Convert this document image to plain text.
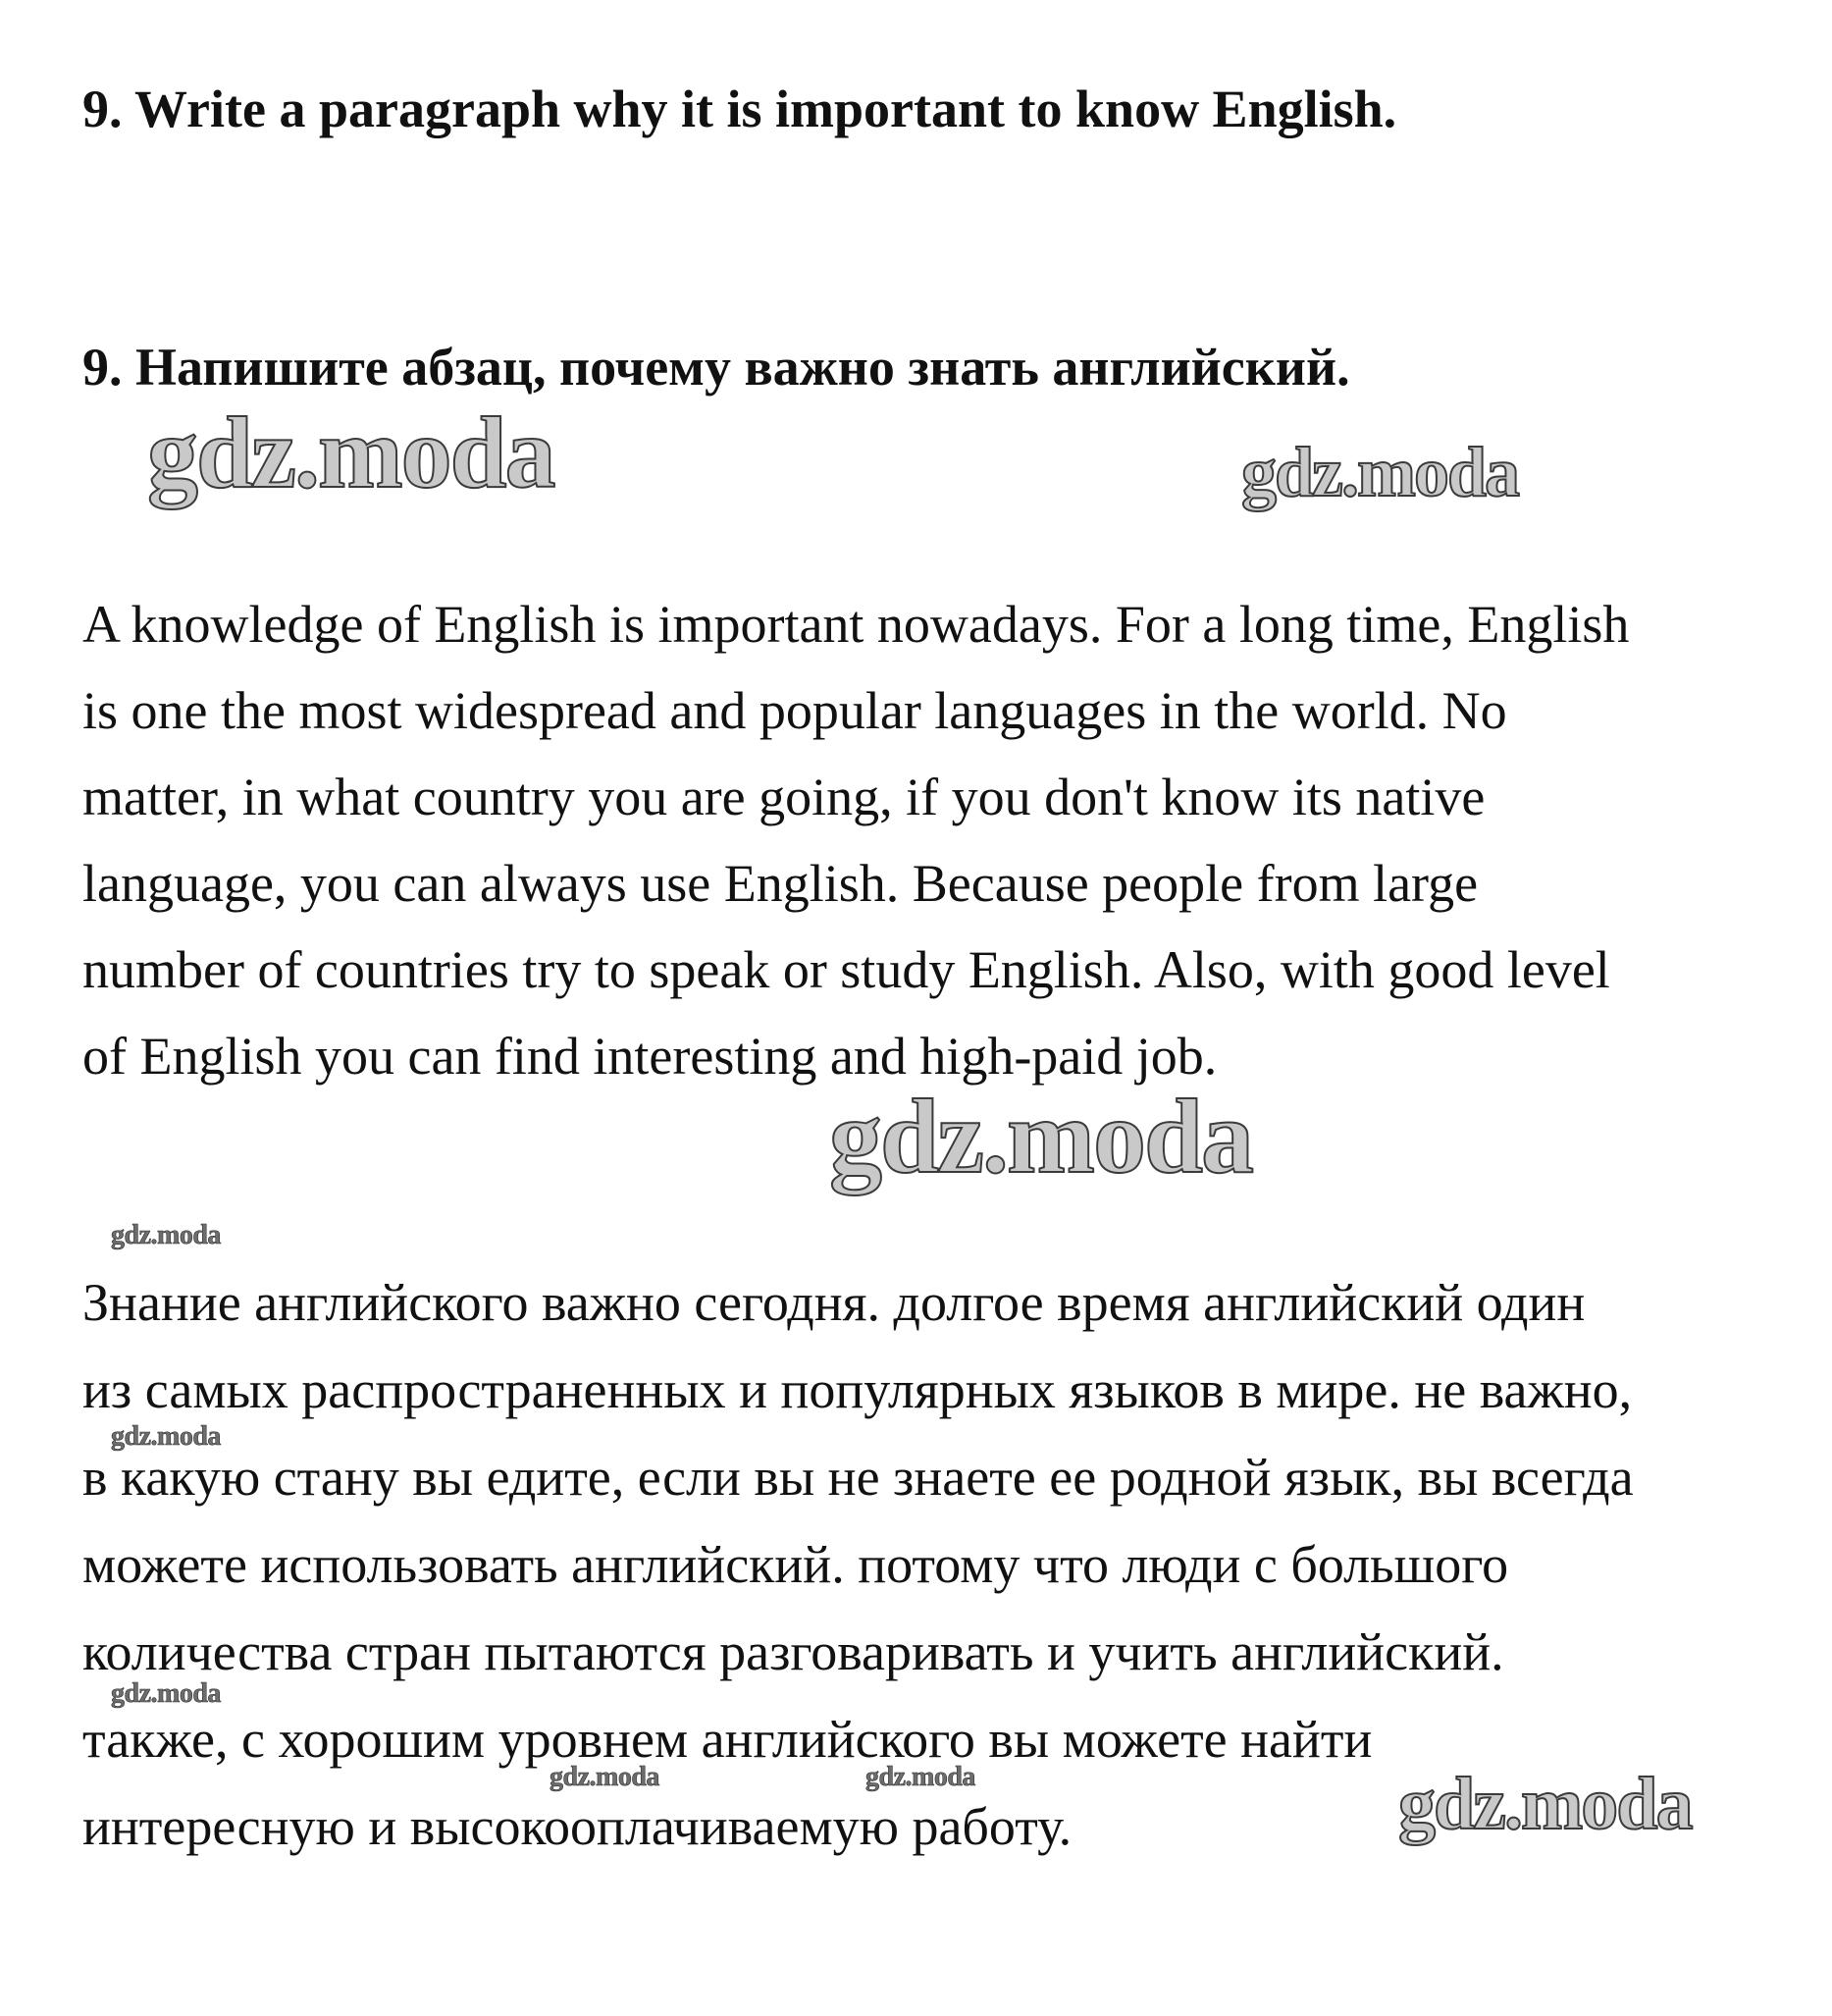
9. Write a paragraph why it is important to know English.
9. Напишите абзац, почему важно знать английский.
A knowledge of English is important nowadays. For a long time, English
is one the most widespread and popular languages in the world. No
matter, in what country you are going, if you don't know its native
language, you can always use English. Because people from large
number of countries try to speak or study English. Also, with good level
of English you can find interesting and high-paid job.
Знание английского важно сегодня. долгое время английский один
из самых распространенных и популярных языков в мире. не важно,
в какую стану вы едите, если вы не знаете ее родной язык, вы всегда
можете использовать английский. потому что люди с большого
количества стран пытаются разговаривать и учить английский.
также, с хорошим уровнем английского вы можете найти
интересную и высокооплачиваемую работу.
gdz.moda	gdz.moda
gdz.moda
gdz.moda
gdz.moda
gdz.moda
gdz.moda	gdz.moda	gdz.moda
